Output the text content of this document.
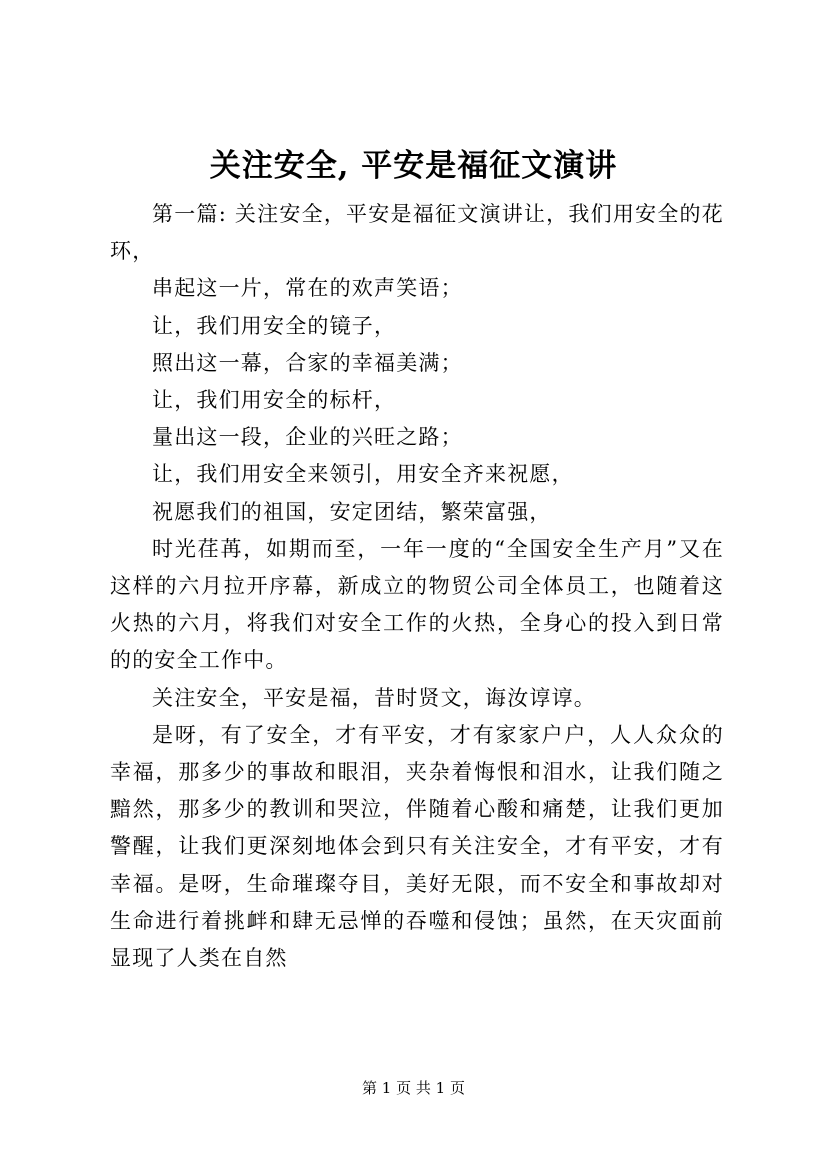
关注安全, 平安是福征文演讲

第一篇: 关注安全，平安是福征文演讲让，我们用安全的花环，

串起这一片，常在的欢声笑语；

让，我们用安全的镜子，

照出这一幕，合家的幸福美满；

让，我们用安全的标杆，

量出这一段，企业的兴旺之路；

让，我们用安全来领引，用安全齐来祝愿，

祝愿我们的祖国，安定团结，繁荣富强，

时光荏苒，如期而至，一年一度的“全国安全生产月”又在这样的六月拉开序幕，新成立的物贸公司全体员工，也随着这火热的六月，将我们对安全工作的火热，全身心的投入到日常的的安全工作中。

关注安全，平安是福，昔时贤文，诲汝谆谆。

是呀，有了安全，才有平安，才有家家户户，人人众众的幸福，那多少的事故和眼泪，夹杂着悔恨和泪水，让我们随之黯然，那多少的教训和哭泣，伴随着心酸和痛楚，让我们更加警醒，让我们更深刻地体会到只有关注安全，才有平安，才有幸福。是呀，生命璀璨夺目，美好无限，而不安全和事故却对生命进行着挑衅和肆无忌惮的吞噬和侵蚀；虽然，在天灾面前显现了人类在自然

第 1 页 共 1 页
